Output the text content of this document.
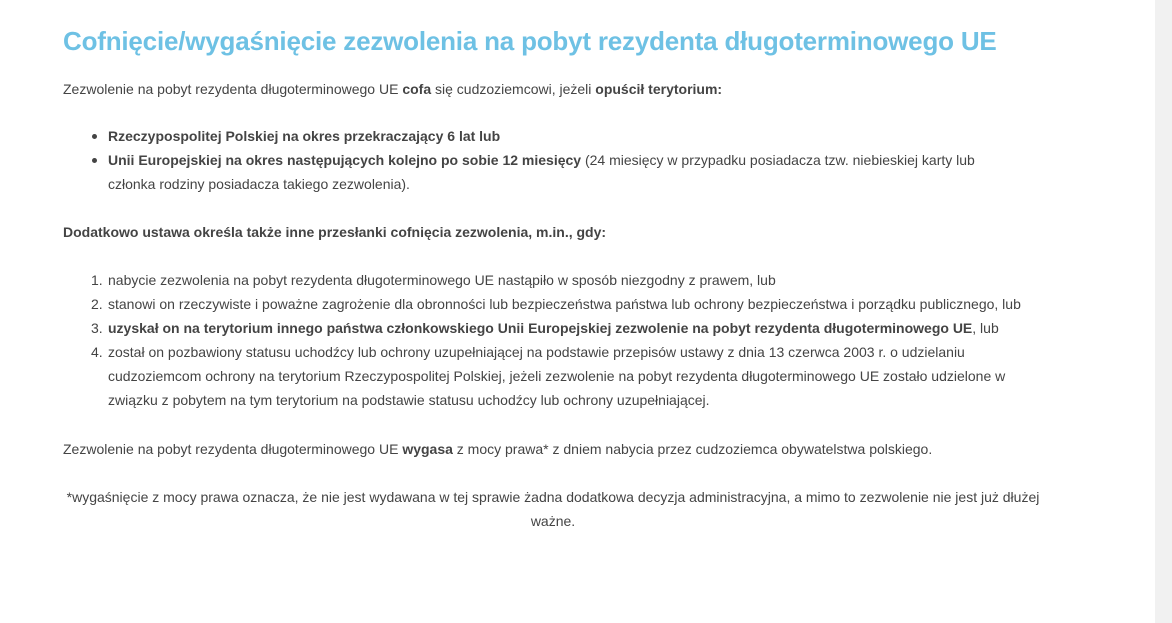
Cofnięcie/wygaśnięcie zezwolenia na pobyt rezydenta długoterminowego UE

Zezwolenie na pobyt rezydenta długoterminowego UE cofa się cudzoziemcowi, jeżeli opuścił terytorium:

Rzeczypospolitej Polskiej na okres przekraczający 6 lat lub
Unii Europejskiej na okres następujących kolejno po sobie 12 miesięcy (24 miesięcy w przypadku posiadacza tzw. niebieskiej karty lub członka rodziny posiadacza takiego zezwolenia).

Dodatkowo ustawa określa także inne przesłanki cofnięcia zezwolenia, m.in., gdy:

1. nabycie zezwolenia na pobyt rezydenta długoterminowego UE nastąpiło w sposób niezgodny z prawem, lub
2. stanowi on rzeczywiste i poważne zagrożenie dla obronności lub bezpieczeństwa państwa lub ochrony bezpieczeństwa i porządku publicznego, lub
3. uzyskał on na terytorium innego państwa członkowskiego Unii Europejskiej zezwolenie na pobyt rezydenta długoterminowego UE, lub
4. został on pozbawiony statusu uchodźcy lub ochrony uzupełniającej na podstawie przepisów ustawy z dnia 13 czerwca 2003 r. o udzielaniu cudzoziemcom ochrony na terytorium Rzeczypospolitej Polskiej, jeżeli zezwolenie na pobyt rezydenta długoterminowego UE zostało udzielone w związku z pobytem na tym terytorium na podstawie statusu uchodźcy lub ochrony uzupełniającej.

Zezwolenie na pobyt rezydenta długoterminowego UE wygasa z mocy prawa* z dniem nabycia przez cudzoziemca obywatelstwa polskiego.

*wygaśnięcie z mocy prawa oznacza, że nie jest wydawana w tej sprawie żadna dodatkowa decyzja administracyjna, a mimo to zezwolenie nie jest już dłużej ważne.
